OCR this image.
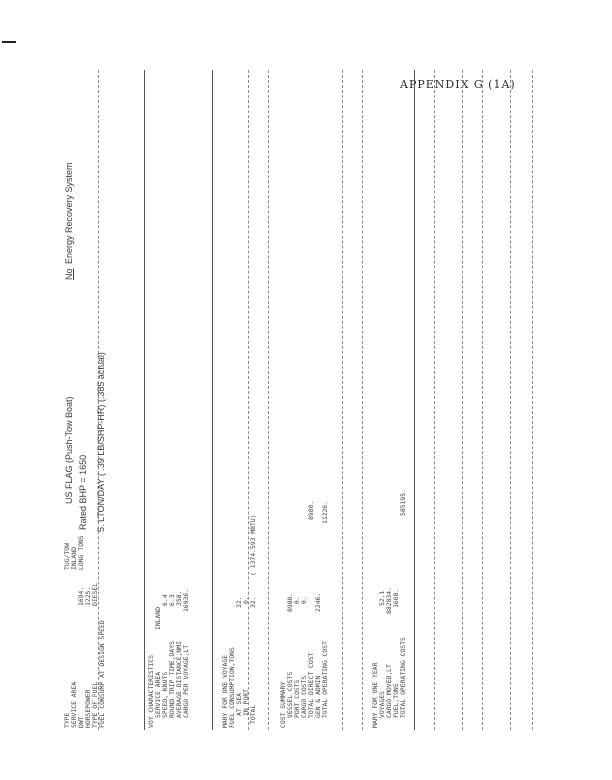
APPENDIX G (1A)
TYPE SERVICE AREA DWT HORSEPOWER TYPE OF FUEL FUEL CONSUMP AT DESIGN SPEED
TUG/TOW INLAND
1694.
LONG TONS
1225. DIESEL
US FLAG (Push-Tow Boat) Rated BHP = 1650 5. LTON/DAY ( .39 LB/SHP-HR) (.385 actual)
No
Energy Recovery System
VOY CHARACTERISTICS SERVICE AREA
INLAND
SPEED, KNOTS
6.4
ROUND TRIP TIME,DAYS
6.3
AVERAGE DISTANCE,NMI
358.
CARGO PER VOYAGE,LT
16936.
MARY FOR ONE VOYAGE FUEL CONSUMPTION,TONS AT SEA
32.
IN PORT
0.
TOTAL
32.
( 1374.593 MBTU)
COST SUMMARY VESSEL COSTS
8980.
PORT COSTS
0.
CARGO COSTS
0.
TOTAL DIRECT COST
8980.
GEN & ADMIN
2246.
TOTAL OPERATING COST
11226.
MARY FOR ONE YEAR VOYAGES
52.1
CARGO MOVED,LT
882834.
FUEL,TONS
1668.
TOTAL OPERATING COSTS
585195.
